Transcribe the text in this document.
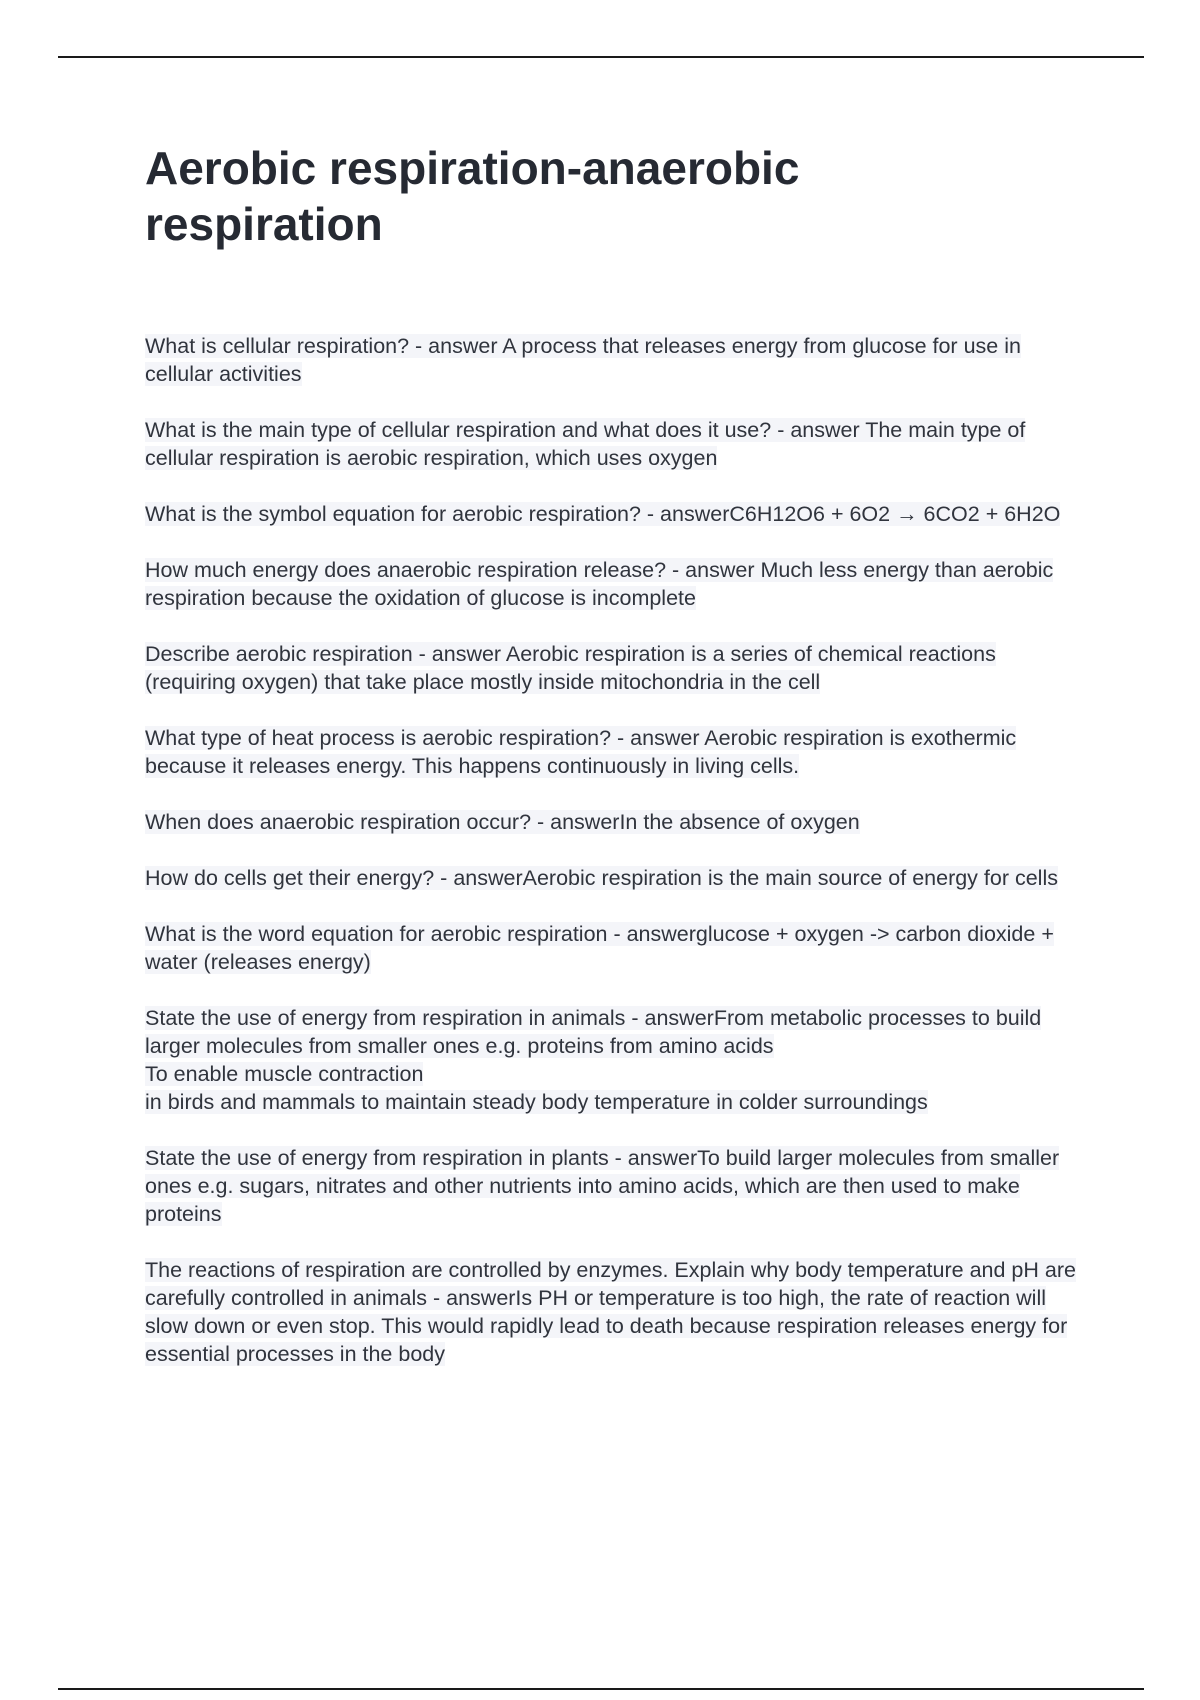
Aerobic respiration-anaerobic respiration
What is cellular respiration? - answer A process that releases energy from glucose for use in cellular activities
What is the main type of cellular respiration and what does it use? - answer The main type of cellular respiration is aerobic respiration, which uses oxygen
What is the symbol equation for aerobic respiration? - answerC6H12O6 + 6O2 → 6CO2 + 6H2O
How much energy does anaerobic respiration release? - answer Much less energy than aerobic respiration because the oxidation of glucose is incomplete
Describe aerobic respiration - answer Aerobic respiration is a series of chemical reactions (requiring oxygen) that take place mostly inside mitochondria in the cell
What type of heat process is aerobic respiration? - answer Aerobic respiration is exothermic because it releases energy. This happens continuously in living cells.
When does anaerobic respiration occur? - answerIn the absence of oxygen
How do cells get their energy? - answerAerobic respiration is the main source of energy for cells
What is the word equation for aerobic respiration - answerglucose + oxygen -> carbon dioxide + water (releases energy)
State the use of energy from respiration in animals - answerFrom metabolic processes to build larger molecules from smaller ones e.g. proteins from amino acids
To enable muscle contraction
in birds and mammals to maintain steady body temperature in colder surroundings
State the use of energy from respiration in plants - answerTo build larger molecules from smaller ones e.g. sugars, nitrates and other nutrients into amino acids, which are then used to make proteins
The reactions of respiration are controlled by enzymes. Explain why body temperature and pH are carefully controlled in animals - answerIs PH or temperature is too high, the rate of reaction will slow down or even stop. This would rapidly lead to death because respiration releases energy for essential processes in the body
